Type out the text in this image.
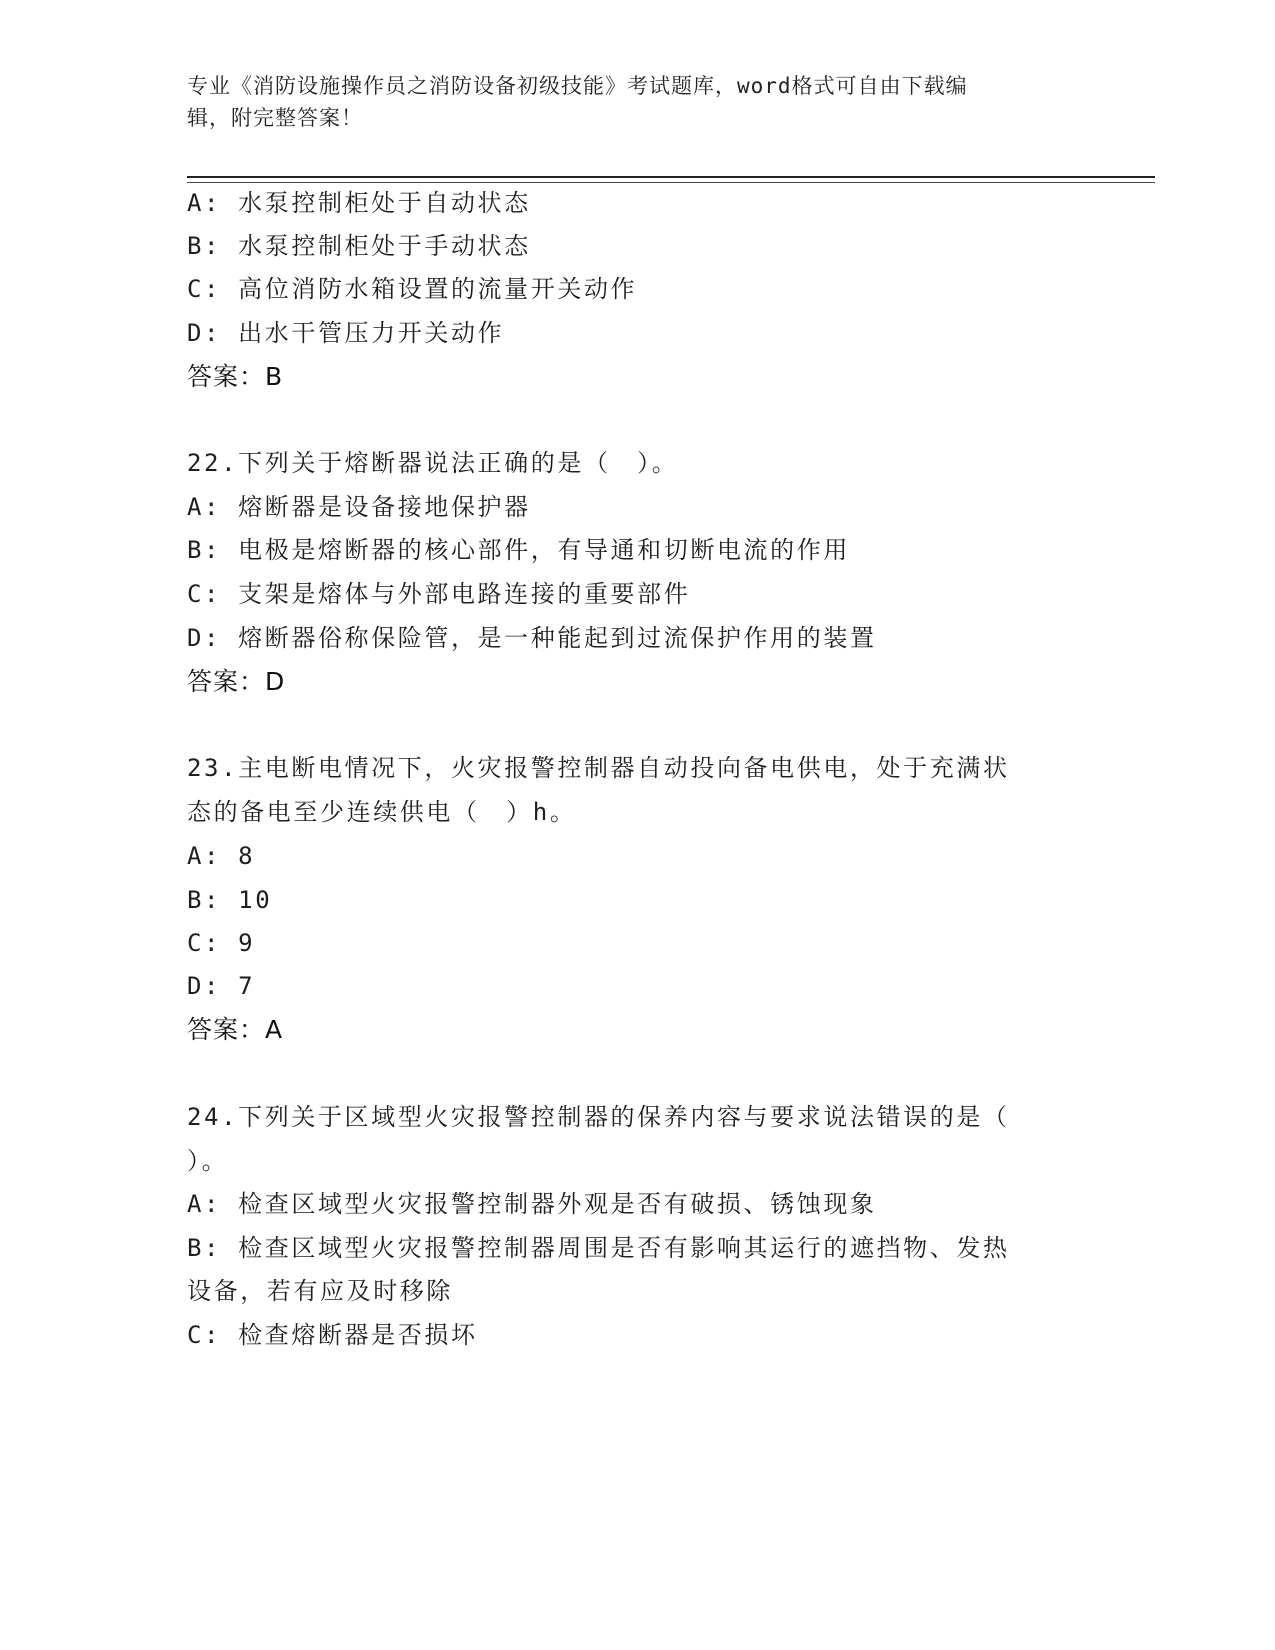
专业《消防设施操作员之消防设备初级技能》考试题库，word格式可自由下载编
辑，附完整答案！
A: 水泵控制柜处于自动状态
B: 水泵控制柜处于手动状态
C: 高位消防水箱设置的流量开关动作
D: 出水干管压力开关动作
答案：B
22.下列关于熔断器说法正确的是（　）。
A: 熔断器是设备接地保护器
B: 电极是熔断器的核心部件，有导通和切断电流的作用
C: 支架是熔体与外部电路连接的重要部件
D: 熔断器俗称保险管，是一种能起到过流保护作用的装置
答案：D
23.主电断电情况下，火灾报警控制器自动投向备电供电，处于充满状
态的备电至少连续供电（　）h。
A: 8
B: 10
C: 9
D: 7
答案：A
24.下列关于区域型火灾报警控制器的保养内容与要求说法错误的是（
）。
A: 检查区域型火灾报警控制器外观是否有破损、锈蚀现象
B: 检查区域型火灾报警控制器周围是否有影响其运行的遮挡物、发热
设备，若有应及时移除
C: 检查熔断器是否损坏
